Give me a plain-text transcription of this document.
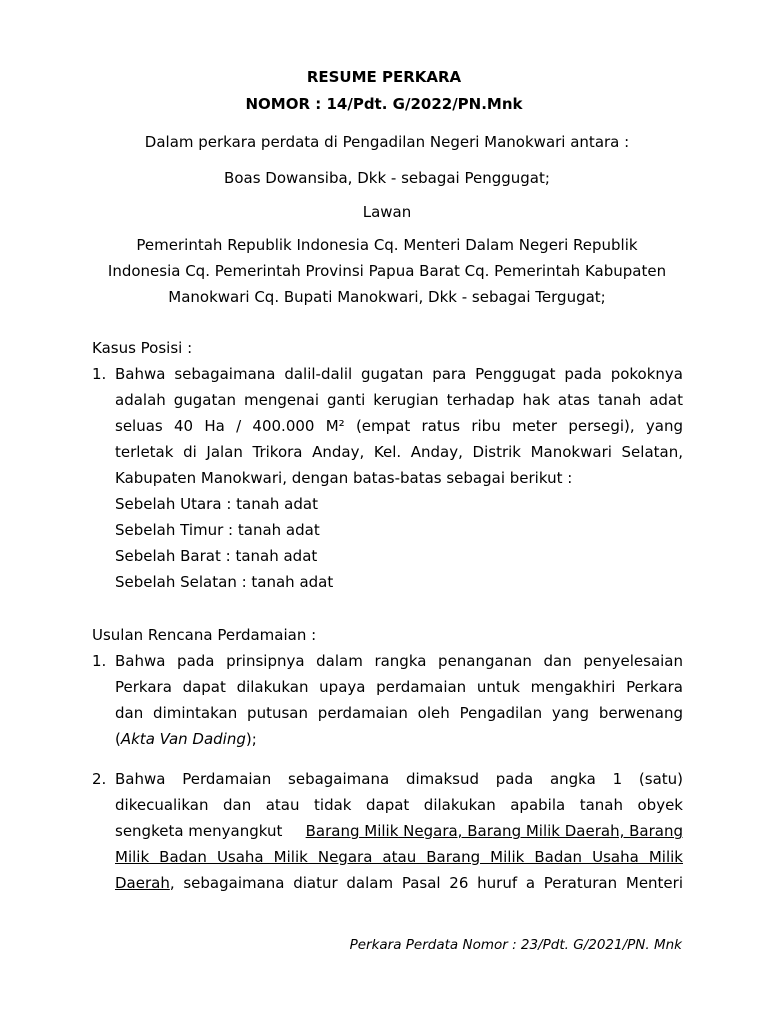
RESUME PERKARA
NOMOR : 14/Pdt. G/2022/PN.Mnk
Dalam perkara perdata di Pengadilan Negeri Manokwari antara :
Boas Dowansiba, Dkk - sebagai Penggugat;
Lawan
Pemerintah Republik Indonesia Cq. Menteri Dalam Negeri Republik
Indonesia Cq. Pemerintah Provinsi Papua Barat Cq. Pemerintah Kabupaten
Manokwari Cq. Bupati Manokwari, Dkk - sebagai Tergugat;
Kasus Posisi :
1. Bahwa sebagaimana dalil-dalil gugatan para Penggugat pada pokoknya
adalah gugatan mengenai ganti kerugian terhadap hak atas tanah adat
seluas 40 Ha / 400.000 M² (empat ratus ribu meter persegi), yang
terletak di Jalan Trikora Anday, Kel. Anday, Distrik Manokwari Selatan,
Kabupaten Manokwari, dengan batas-batas sebagai berikut :
Sebelah Utara : tanah adat
Sebelah Timur : tanah adat
Sebelah Barat : tanah adat
Sebelah Selatan : tanah adat
Usulan Rencana Perdamaian :
1. Bahwa pada prinsipnya dalam rangka penanganan dan penyelesaian
Perkara dapat dilakukan upaya perdamaian untuk mengakhiri Perkara
dan dimintakan putusan perdamaian oleh Pengadilan yang berwenang
(Akta Van Dading);
2. Bahwa Perdamaian sebagaimana dimaksud pada angka 1 (satu)
dikecualikan dan atau tidak dapat dilakukan apabila tanah obyek
sengketa menyangkut Barang Milik Negara, Barang Milik Daerah, Barang
Milik Badan Usaha Milik Negara atau Barang Milik Badan Usaha Milik
Daerah, sebagaimana diatur dalam Pasal 26 huruf a Peraturan Menteri
Perkara Perdata Nomor : 23/Pdt. G/2021/PN. Mnk
